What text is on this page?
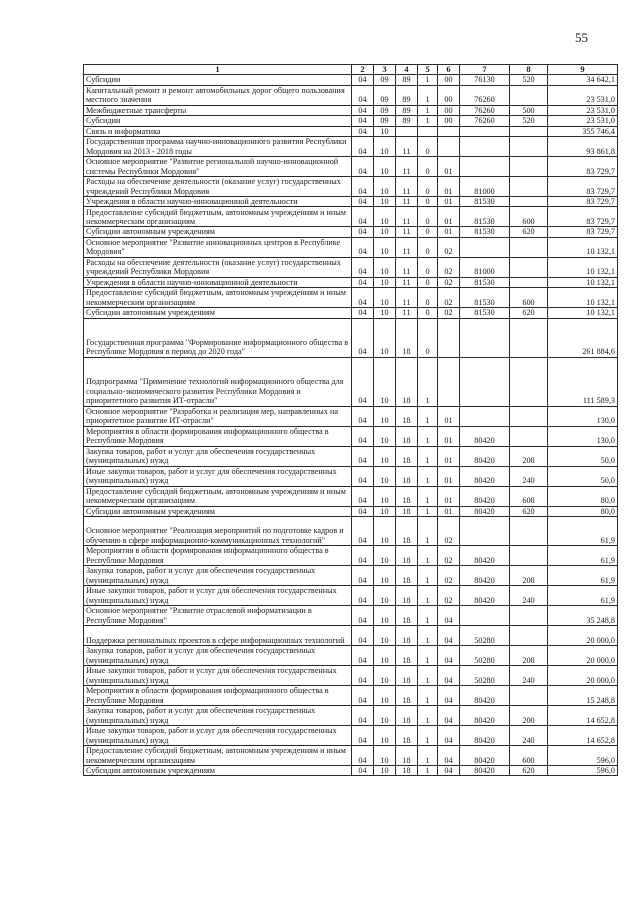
55
1	2	3	4	5	6	7	8	9
Субсидии	04	09	89	1	00	76130	520	34 642,1
Капитальный ремонт и ремонт автомобильных дорог общего пользования местного значения	04	09	89	1	00	76260		23 531,0
Межбюджетные трансферты	04	09	89	1	00	76260	500	23 531,0
Субсидии	04	09	89	1	00	76260	520	23 531,0
Связь и информатика	04	10						355 746,4
Государственная программа научно-инновационного развития Республики Мордовия на 2013 - 2018 годы	04	10	11	0				93 861,8
Основное мероприятие "Развитие региональной научно-инновационной системы Республики Мордовия"	04	10	11	0	01			83 729,7
Расходы на обеспечение деятельности (оказание услуг) государственных учреждений Республики Мордовия	04	10	11	0	01	81000		83 729,7
Учреждения в области научно-инновационной деятельности	04	10	11	0	01	81530		83 729,7
Предоставление субсидий бюджетным, автономным учреждениям и иным некоммерческим организациям	04	10	11	0	01	81530	600	83 729,7
Субсидии автономным учреждениям	04	10	11	0	01	81530	620	83 729,7
Основное мероприятие "Развитие инновационных центров в Республике Мордовия"	04	10	11	0	02			10 132,1
Расходы на обеспечение деятельности (оказание услуг) государственных учреждений Республики Мордовия	04	10	11	0	02	81000		10 132,1
Учреждения в области научно-инновационной деятельности	04	10	11	0	02	81530		10 132,1
Предоставление субсидий бюджетным, автономным учреждениям и иным некоммерческим организациям	04	10	11	0	02	81530	600	10 132,1
Субсидии автономным учреждениям	04	10	11	0	02	81530	620	10 132,1
Государственная программа "Формирование информационного общества в Республике Мордовия в период до 2020 года"	04	10	18	0				261 884,6
Подпрограмма "Применение технологий информационного общества для социально-экономического развития Республики Мордовия и приоритетного развития ИТ-отрасли"	04	10	18	1				111 589,3
Основное мероприятие "Разработка и реализация мер, направленных на приоритетное развитие ИТ-отрасли"	04	10	18	1	01			130,0
Мероприятия в области формирования информационного общества в Республике Мордовия	04	10	18	1	01	80420		130,0
Закупка товаров, работ и услуг для обеспечения государственных (муниципальных) нужд	04	10	18	1	01	80420	200	50,0
Иные закупки товаров, работ и услуг для обеспечения государственных (муниципальных) нужд	04	10	18	1	01	80420	240	50,0
Предоставление субсидий бюджетным, автономным учреждениям и иным некоммерческим организациям	04	10	18	1	01	80420	600	80,0
Субсидии автономным учреждениям	04	10	18	1	01	80420	620	80,0
Основное мероприятие "Реализация мероприятий по подготовке кадров и обучению в сфере информационно-коммуникационных технологий"	04	10	18	1	02			61,9
Мероприятия в области формирования информационного общества в Республике Мордовия	04	10	18	1	02	80420		61,9
Закупка товаров, работ и услуг для обеспечения государственных (муниципальных) нужд	04	10	18	1	02	80420	200	61,9
Иные закупки товаров, работ и услуг для обеспечения государственных (муниципальных) нужд	04	10	18	1	02	80420	240	61,9
Основное мероприятие "Развитие отраслевой информатизации в Республике Мордовия"	04	10	18	1	04			35 248,8
Поддержка региональных проектов в сфере информационных технологий	04	10	18	1	04	50280		20 000,0
Закупка товаров, работ и услуг для обеспечения государственных (муниципальных) нужд	04	10	18	1	04	50280	200	20 000,0
Иные закупки товаров, работ и услуг для обеспечения государственных (муниципальных) нужд	04	10	18	1	04	50280	240	20 000,0
Мероприятия в области формирования информационного общества в Республике Мордовия	04	10	18	1	04	80420		15 248,8
Закупка товаров, работ и услуг для обеспечения государственных (муниципальных) нужд	04	10	18	1	04	80420	200	14 652,8
Иные закупки товаров, работ и услуг для обеспечения государственных (муниципальных) нужд	04	10	18	1	04	80420	240	14 652,8
Предоставление субсидий бюджетным, автономным учреждениям и иным некоммерческим организациям	04	10	18	1	04	80420	600	596,0
Субсидии автономным учреждениям	04	10	18	1	04	80420	620	596,0
